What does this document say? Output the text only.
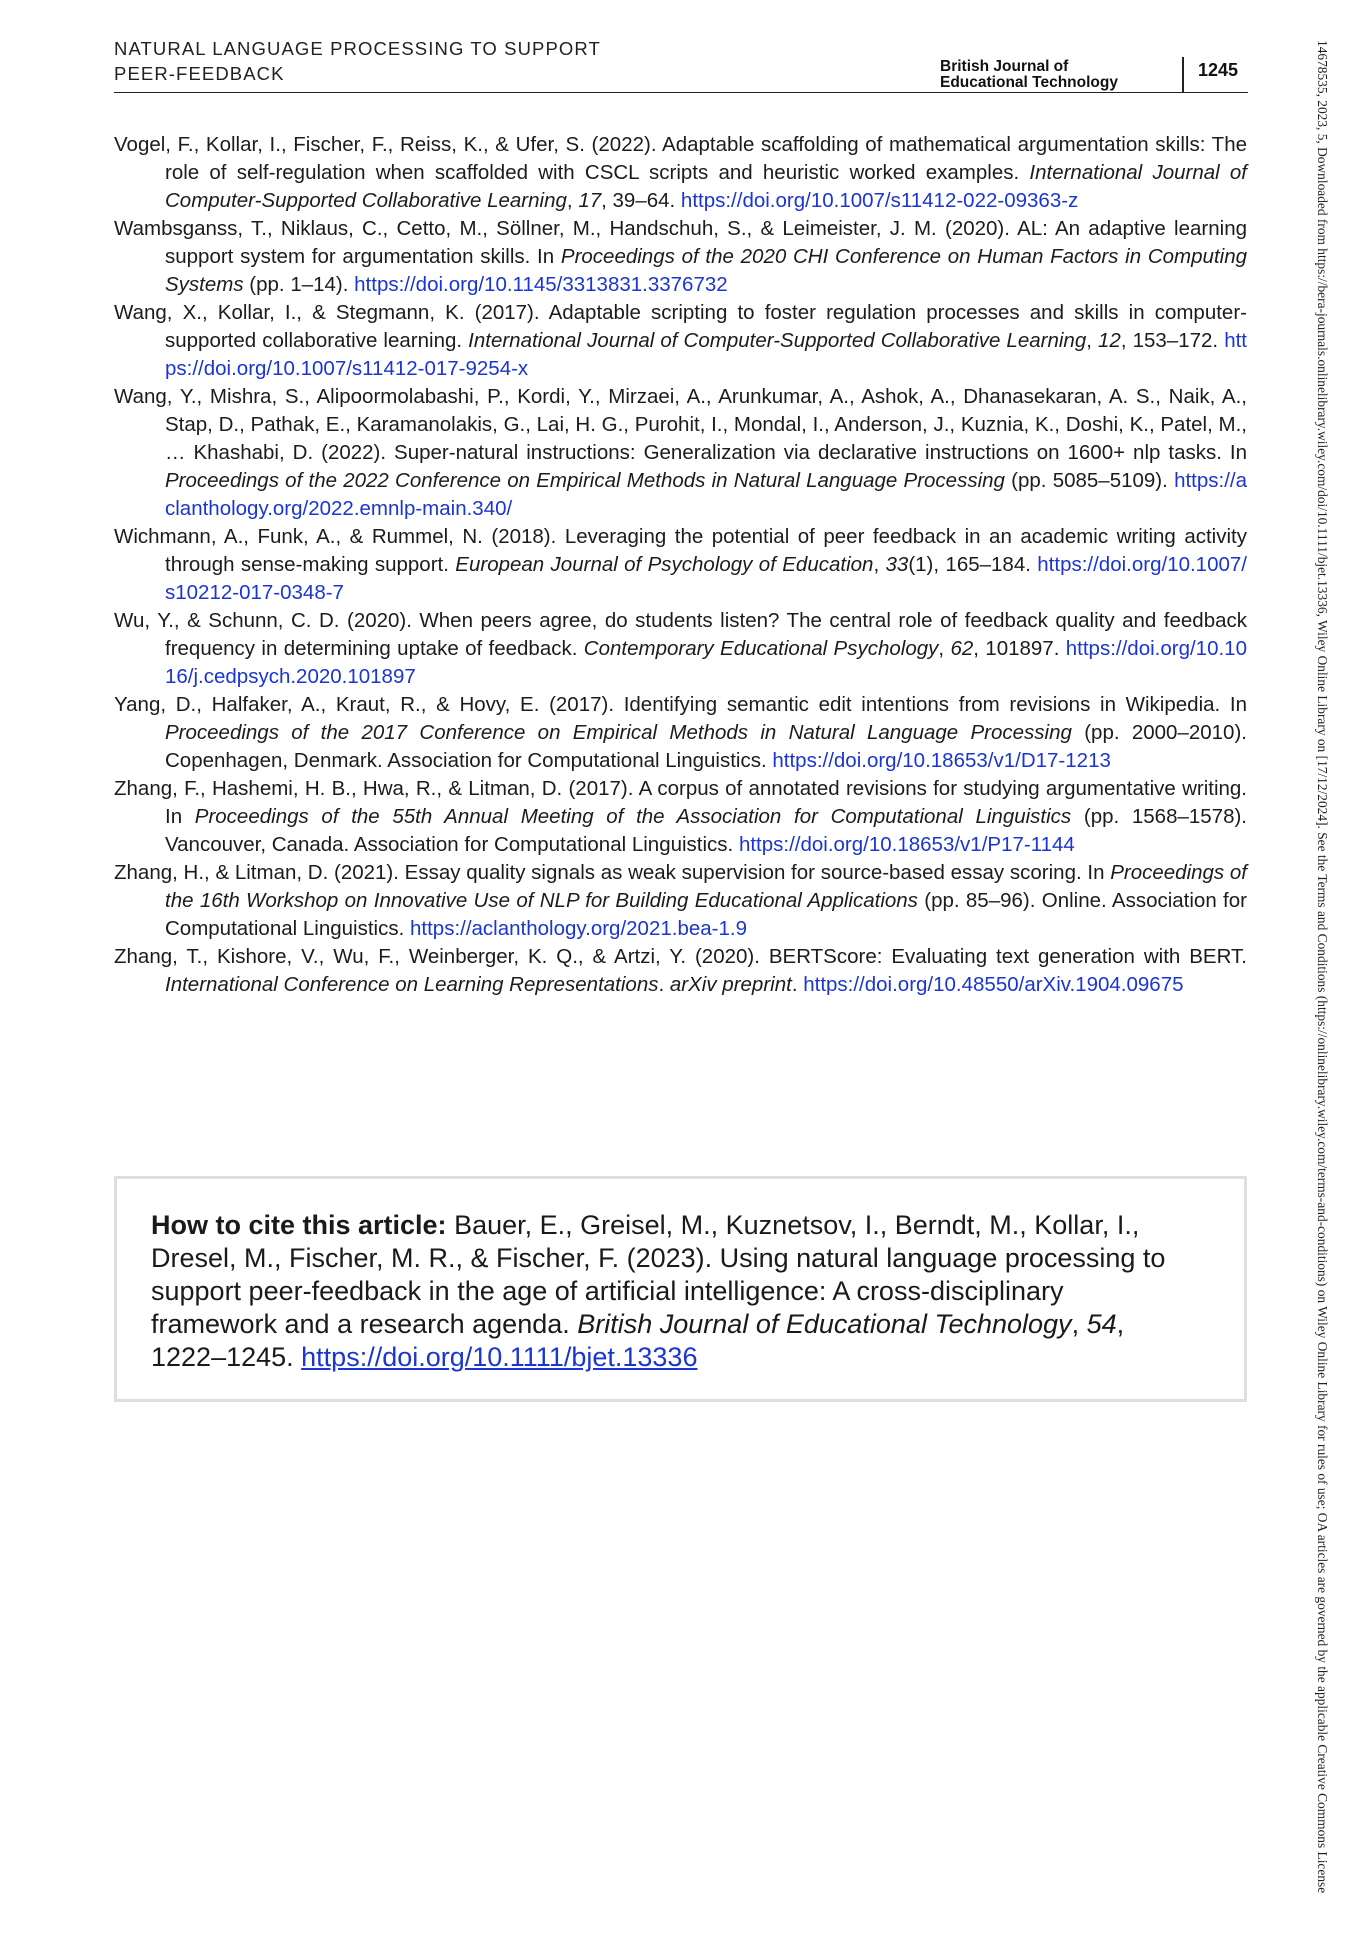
NATURAL LANGUAGE PROCESSING TO SUPPORT
PEER-FEEDBACK	British Journal of
Educational Technology
1245

Vogel, F., Kollar, I., Fischer, F., Reiss, K., & Ufer, S. (2022). Adaptable scaffolding of mathematical argumentation skills: The role of self-regulation when scaffolded with CSCL scripts and heuristic worked examples. International Journal of Computer-Supported Collaborative Learning, 17, 39–64. https://doi.org/10.1007/s11412-022-09363-z

Wambsganss, T., Niklaus, C., Cetto, M., Söllner, M., Handschuh, S., & Leimeister, J. M. (2020). AL: An adaptive learning support system for argumentation skills. In Proceedings of the 2020 CHI Conference on Human Factors in Computing Systems (pp. 1–14). https://doi.org/10.1145/3313831.3376732

Wang, X., Kollar, I., & Stegmann, K. (2017). Adaptable scripting to foster regulation processes and skills in computer-supported collaborative learning. International Journal of Computer-Supported Collaborative Learning, 12, 153–172. https://doi.org/10.1007/s11412-017-9254-x

Wang, Y., Mishra, S., Alipoormolabashi, P., Kordi, Y., Mirzaei, A., Arunkumar, A., Ashok, A., Dhanasekaran, A. S., Naik, A., Stap, D., Pathak, E., Karamanolakis, G., Lai, H. G., Purohit, I., Mondal, I., Anderson, J., Kuznia, K., Doshi, K., Patel, M., … Khashabi, D. (2022). Super-natural instructions: Generalization via declarative instructions on 1600+ nlp tasks. In Proceedings of the 2022 Conference on Empirical Methods in Natural Language Processing (pp. 5085–5109). https://aclanthology.org/2022.emnlp-main.340/

Wichmann, A., Funk, A., & Rummel, N. (2018). Leveraging the potential of peer feedback in an academic writing activity through sense-making support. European Journal of Psychology of Education, 33(1), 165–184. https://doi.org/10.1007/s10212-017-0348-7

Wu, Y., & Schunn, C. D. (2020). When peers agree, do students listen? The central role of feedback quality and feedback frequency in determining uptake of feedback. Contemporary Educational Psychology, 62, 101897. https://doi.org/10.1016/j.cedpsych.2020.101897

Yang, D., Halfaker, A., Kraut, R., & Hovy, E. (2017). Identifying semantic edit intentions from revisions in Wikipedia. In Proceedings of the 2017 Conference on Empirical Methods in Natural Language Processing (pp. 2000–2010). Copenhagen, Denmark. Association for Computational Linguistics. https://doi.org/10.18653/v1/D17-1213

Zhang, F., Hashemi, H. B., Hwa, R., & Litman, D. (2017). A corpus of annotated revisions for studying argumentative writing. In Proceedings of the 55th Annual Meeting of the Association for Computational Linguistics (pp. 1568–1578). Vancouver, Canada. Association for Computational Linguistics. https://doi.org/10.18653/v1/P17-1144

Zhang, H., & Litman, D. (2021). Essay quality signals as weak supervision for source-based essay scoring. In Proceedings of the 16th Workshop on Innovative Use of NLP for Building Educational Applications (pp. 85–96). Online. Association for Computational Linguistics. https://aclanthology.org/2021.bea-1.9

Zhang, T., Kishore, V., Wu, F., Weinberger, K. Q., & Artzi, Y. (2020). BERTScore: Evaluating text generation with BERT. International Conference on Learning Representations. arXiv preprint. https://doi.org/10.48550/arXiv.1904.09675

How to cite this article: Bauer, E., Greisel, M., Kuznetsov, I., Berndt, M., Kollar, I., Dresel, M., Fischer, M. R., & Fischer, F. (2023). Using natural language processing to support peer-feedback in the age of artificial intelligence: A cross-disciplinary framework and a research agenda. British Journal of Educational Technology, 54, 1222–1245. https://doi.org/10.1111/bjet.13336	14678535, 2023, 5, Downloaded from https://bera-journals.onlinelibrary.wiley.com/doi/10.1111/bjet.13336, Wiley Online Library on [17/12/2024]. See the Terms and Conditions (https://onlinelibrary.wiley.com/terms-and-conditions) on Wiley Online Library for rules of use; OA articles are governed by the applicable Creative Commons License
